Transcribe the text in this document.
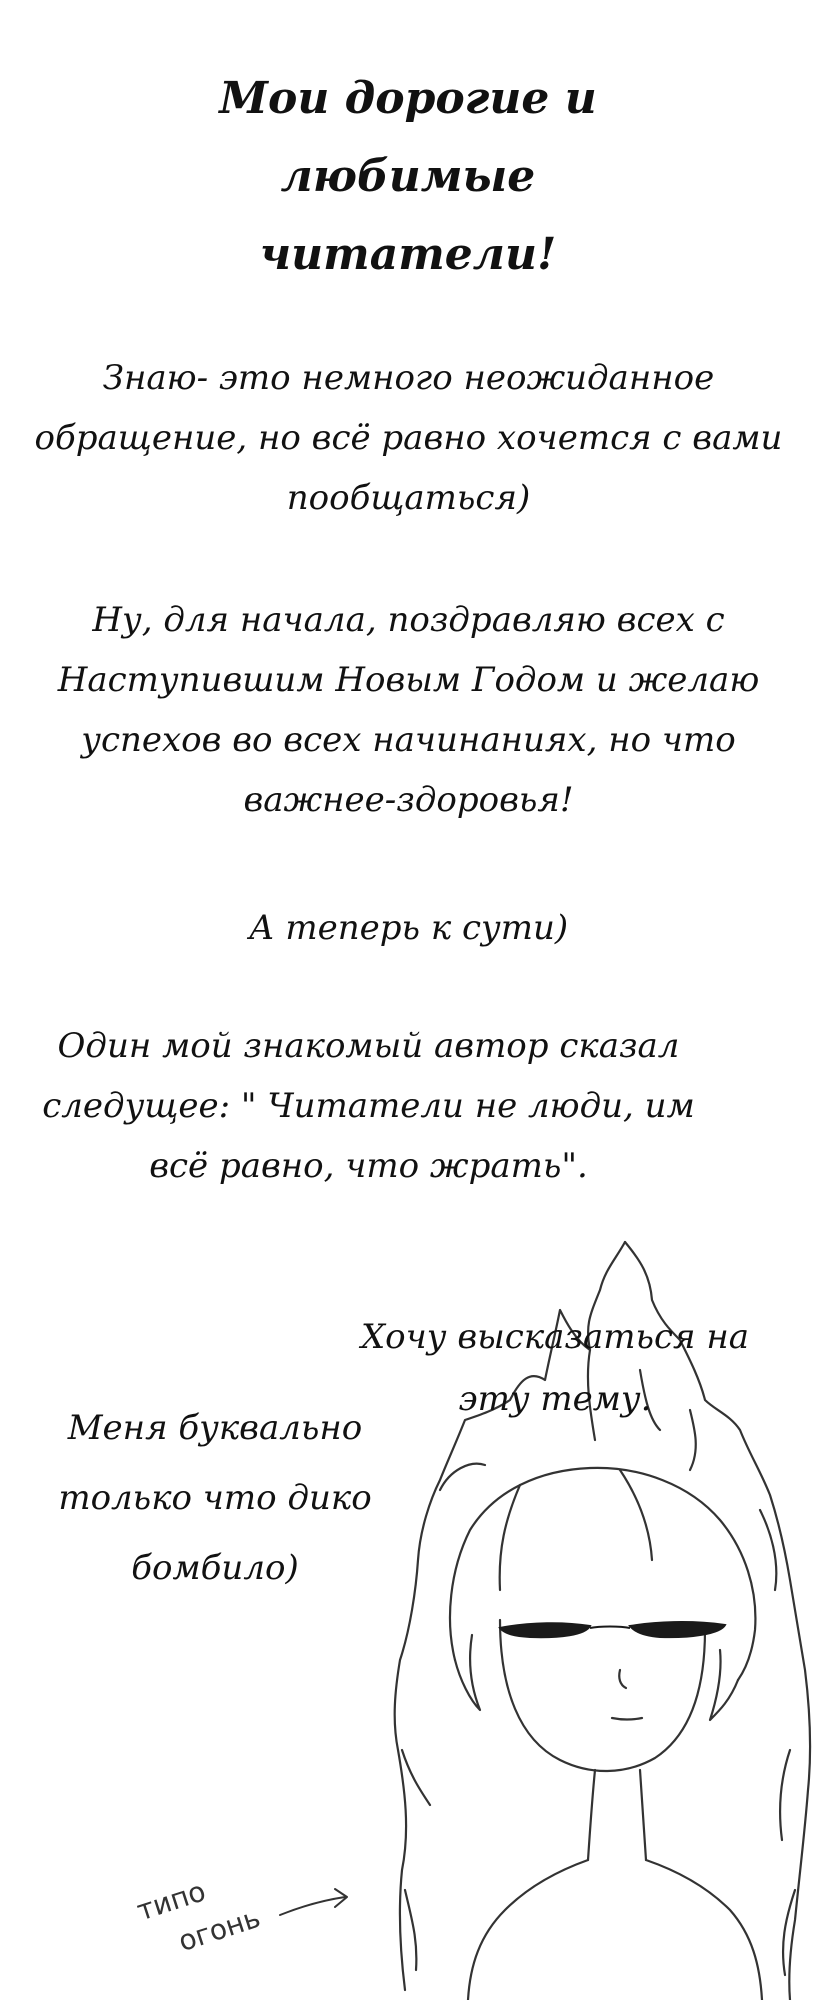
Мои дорогие и
любимые
читатели!
Знаю- это немного неожиданное
обращение, но всё равно хочется с вами
пообщаться)
Ну, для начала, поздравляю всех с
Наступившим Новым Годом и желаю
успехов во всех начинаниях, но что
важнее-здоровья!
А теперь к сути)
Один мой знакомый автор сказал
следущее: " Читатели не люди, им
всё равно, что жрать".
Хочу высказаться на
эту тему.
Меня буквально
только что дико
бомбило)
типо
огонь
